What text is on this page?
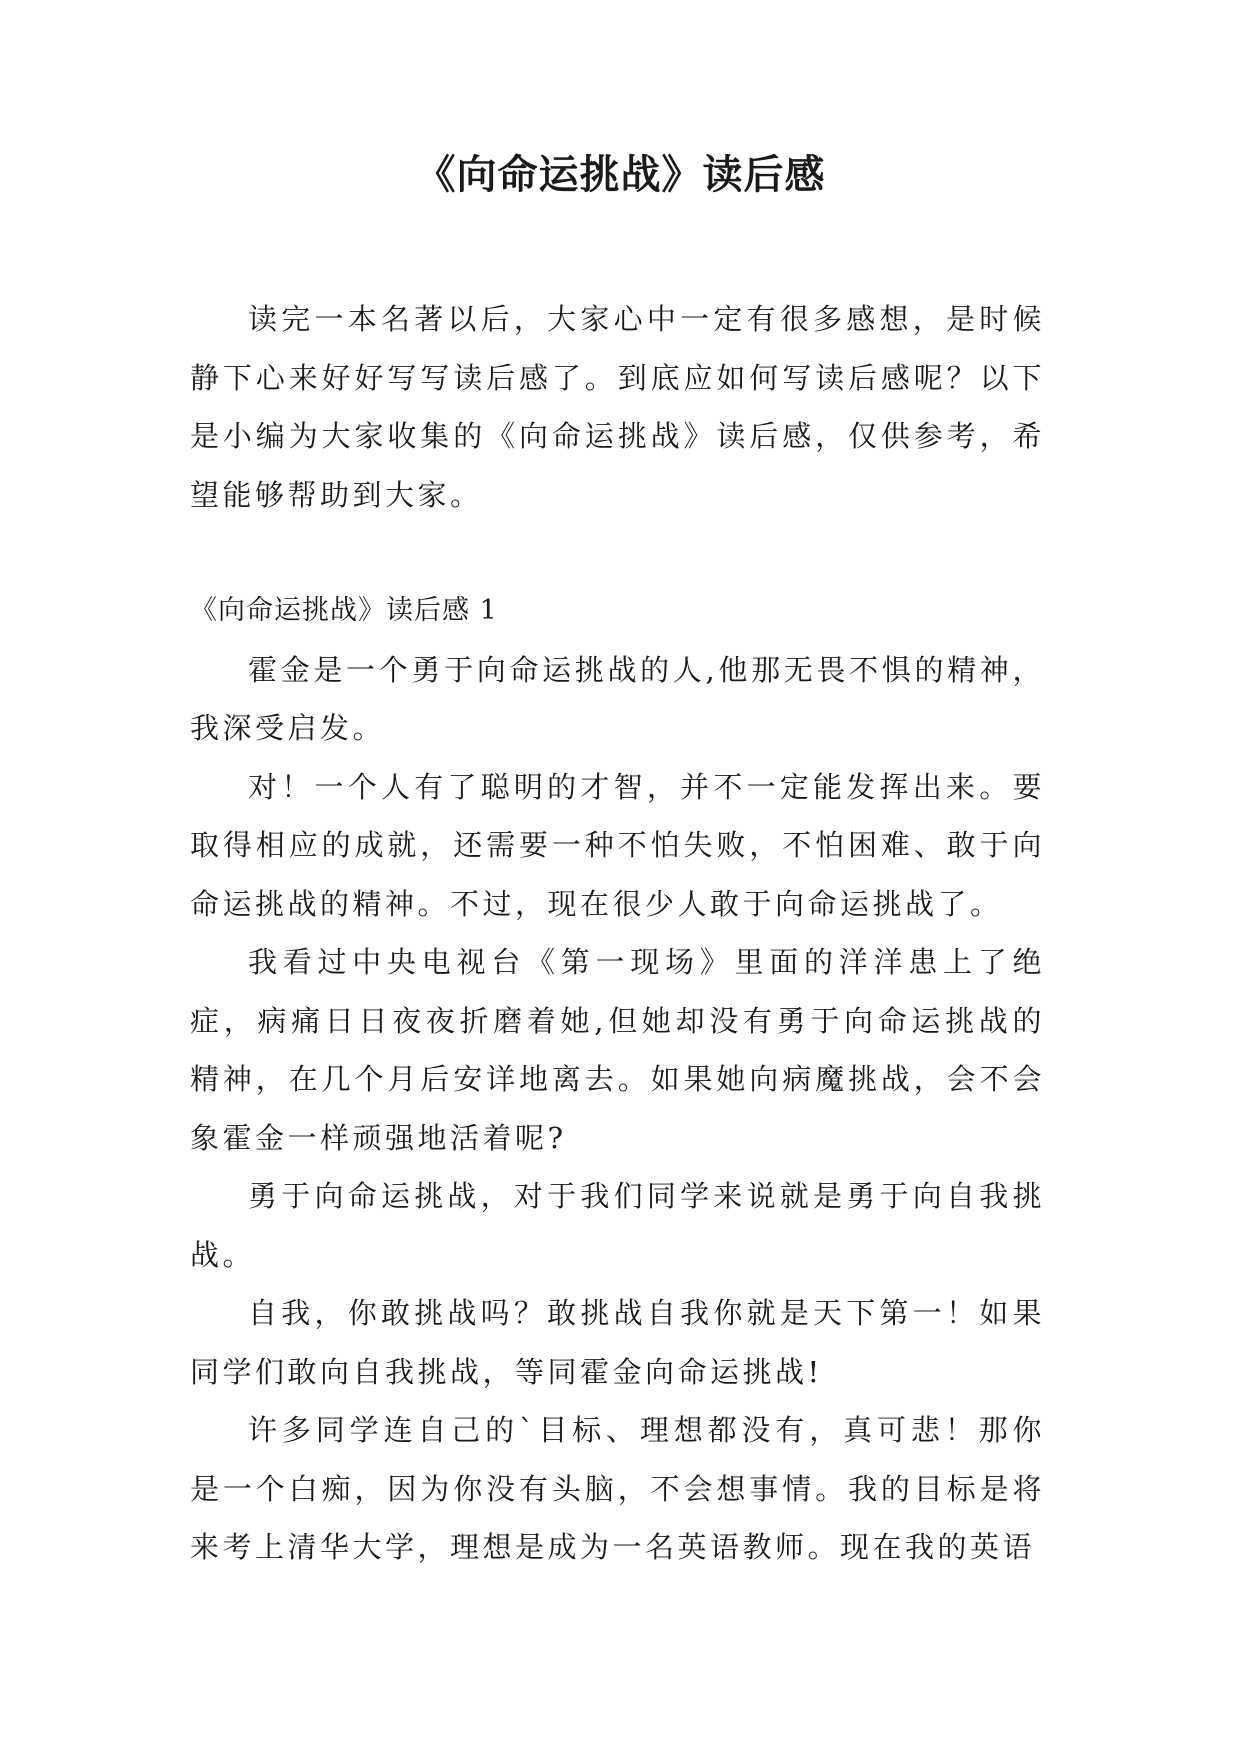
《向命运挑战》读后感

读完一本名著以后，大家心中一定有很多感想，是时候静下心来好好写写读后感了。到底应如何写读后感呢？以下是小编为大家收集的《向命运挑战》读后感，仅供参考，希望能够帮助到大家。

《向命运挑战》读后感 1

霍金是一个勇于向命运挑战的人,他那无畏不惧的精神，我深受启发。

对！一个人有了聪明的才智，并不一定能发挥出来。要取得相应的成就，还需要一种不怕失败，不怕困难、敢于向命运挑战的精神。不过，现在很少人敢于向命运挑战了。

我看过中央电视台《第一现场》里面的洋洋患上了绝症，病痛日日夜夜折磨着她,但她却没有勇于向命运挑战的精神，在几个月后安详地离去。如果她向病魔挑战，会不会象霍金一样顽强地活着呢?

勇于向命运挑战，对于我们同学来说就是勇于向自我挑战。

自我，你敢挑战吗？敢挑战自我你就是天下第一！如果同学们敢向自我挑战，等同霍金向命运挑战!

许多同学连自己的`目标、理想都没有，真可悲！那你是一个白痴，因为你没有头脑，不会想事情。我的目标是将来考上清华大学，理想是成为一名英语教师。现在我的英语
